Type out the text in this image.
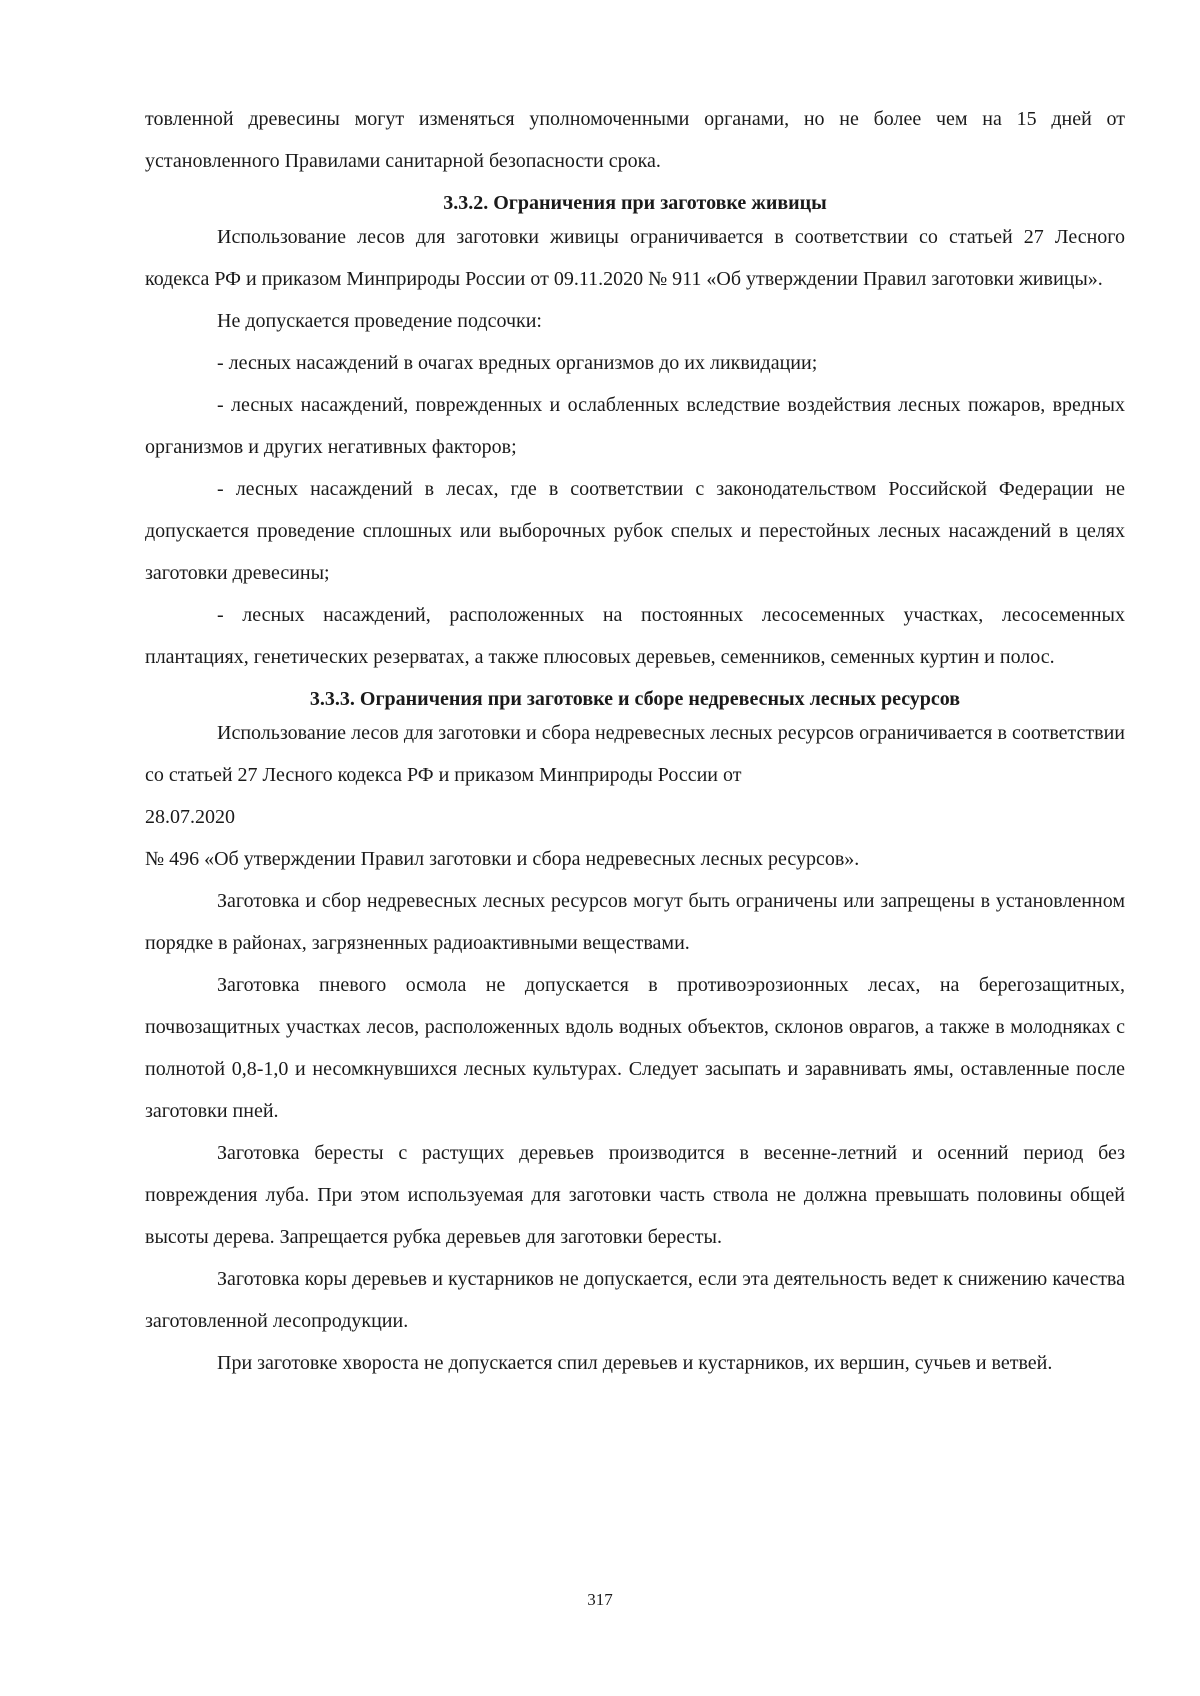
товленной древесины могут изменяться уполномоченными органами, но не более чем на 15 дней от установленного Правилами санитарной безопасности срока.

3.3.2. Ограничения при заготовке живицы

Использование лесов для заготовки живицы ограничивается в соответствии со статьей 27 Лесного кодекса РФ и приказом Минприроды России от 09.11.2020 № 911 «Об утверждении Правил заготовки живицы».

Не допускается проведение подсочки:

- лесных насаждений в очагах вредных организмов до их ликвидации;

- лесных насаждений, поврежденных и ослабленных вследствие воздействия лесных пожаров, вредных организмов и других негативных факторов;

- лесных насаждений в лесах, где в соответствии с законодательством Российской Федерации не допускается проведение сплошных или выборочных рубок спелых и перестойных лесных насаждений в целях заготовки древесины;

- лесных насаждений, расположенных на постоянных лесосеменных участках, лесосеменных плантациях, генетических резерватах, а также плюсовых деревьев, семенников, семенных куртин и полос.

3.3.3. Ограничения при заготовке и сборе недревесных лесных ресурсов

Использование лесов для заготовки и сбора недревесных лесных ресурсов ограничивается в соответствии со статьей 27 Лесного кодекса РФ и приказом Минприроды России от

28.07.2020

№ 496 «Об утверждении Правил заготовки и сбора недревесных лесных ресурсов».

Заготовка и сбор недревесных лесных ресурсов могут быть ограничены или запрещены в установленном порядке в районах, загрязненных радиоактивными веществами.

Заготовка пневого осмола не допускается в противоэрозионных лесах, на берегозащитных, почвозащитных участках лесов, расположенных вдоль водных объектов, склонов оврагов, а также в молодняках с полнотой 0,8-1,0 и несомкнувшихся лесных культурах. Следует засыпать и заравнивать ямы, оставленные после заготовки пней.

Заготовка бересты с растущих деревьев производится в весенне-летний и осенний период без повреждения луба. При этом используемая для заготовки часть ствола не должна превышать половины общей высоты дерева. Запрещается рубка деревьев для заготовки бересты.

Заготовка коры деревьев и кустарников не допускается, если эта деятельность ведет к снижению качества заготовленной лесопродукции.

При заготовке хвороста не допускается спил деревьев и кустарников, их вершин, сучьев и ветвей.

317
